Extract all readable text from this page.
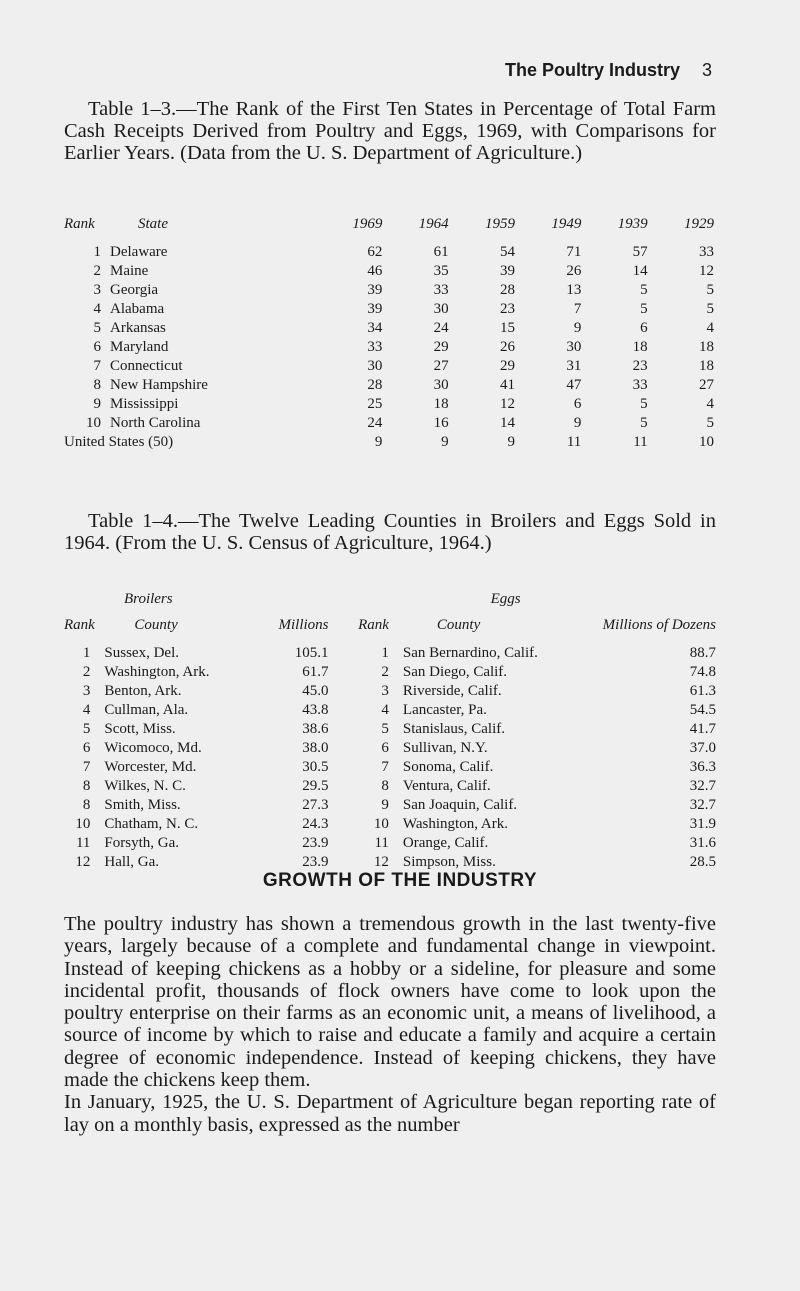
The Poultry Industry 3
Table 1–3.—The Rank of the First Ten States in Percentage of Total Farm Cash Receipts Derived from Poultry and Eggs, 1969, with Comparisons for Earlier Years. (Data from the U. S. Department of Agriculture.)
Rank	State	1969	1964	1959	1949	1939	1929
1	Delaware	62	61	54	71	57	33
2	Maine	46	35	39	26	14	12
3	Georgia	39	33	28	13	5	5
4	Alabama	39	30	23	7	5	5
5	Arkansas	34	24	15	9	6	4
6	Maryland	33	29	26	30	18	18
7	Connecticut	30	27	29	31	23	18
8	New Hampshire	28	30	41	47	33	27
9	Mississippi	25	18	12	6	5	4
10	North Carolina	24	16	14	9	5	5
United States (50)		9	9	9	11	11	10
Table 1–4.—The Twelve Leading Counties in Broilers and Eggs Sold in 1964. (From the U. S. Census of Agriculture, 1964.)
Broilers			Eggs		
Rank	County	Millions	Rank	County	Millions of Dozens
1	Sussex, Del.	105.1	1	San Bernardino, Calif.	88.7
2	Washington, Ark.	61.7	2	San Diego, Calif.	74.8
3	Benton, Ark.	45.0	3	Riverside, Calif.	61.3
4	Cullman, Ala.	43.8	4	Lancaster, Pa.	54.5
5	Scott, Miss.	38.6	5	Stanislaus, Calif.	41.7
6	Wicomoco, Md.	38.0	6	Sullivan, N.Y.	37.0
7	Worcester, Md.	30.5	7	Sonoma, Calif.	36.3
8	Wilkes, N. C.	29.5	8	Ventura, Calif.	32.7
8	Smith, Miss.	27.3	9	San Joaquin, Calif.	32.7
10	Chatham, N. C.	24.3	10	Washington, Ark.	31.9
11	Forsyth, Ga.	23.9	11	Orange, Calif.	31.6
12	Hall, Ga.	23.9	12	Simpson, Miss.	28.5
GROWTH OF THE INDUSTRY

The poultry industry has shown a tremendous growth in the last twenty-five years, largely because of a complete and fundamental change in viewpoint. Instead of keeping chickens as a hobby or a sideline, for pleasure and some incidental profit, thousands of flock owners have come to look upon the poultry enterprise on their farms as an economic unit, a means of livelihood, a source of income by which to raise and educate a family and acquire a certain degree of economic independence. Instead of keeping chickens, they have made the chickens keep them.

In January, 1925, the U. S. Department of Agriculture began reporting rate of lay on a monthly basis, expressed as the number
